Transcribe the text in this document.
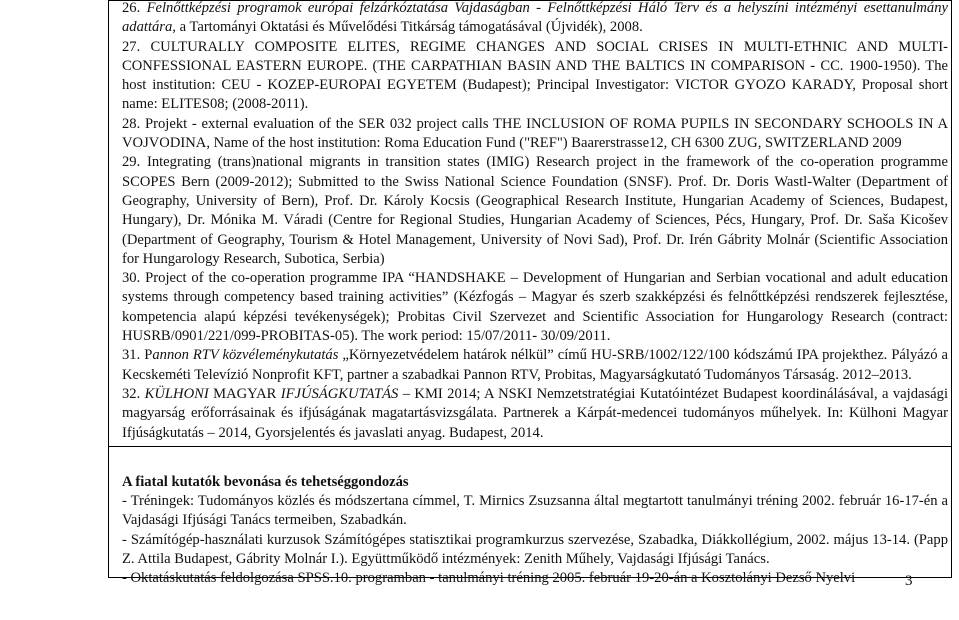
26. Felnőttképzési programok európai felzárkóztatása Vajdaságban - Felnőttképzési Háló Terv és a helyszíni intézményi esettanulmány adattára, a Tartományi Oktatási és Művelődési Titkárság támogatásával (Újvidék), 2008.

27. CULTURALLY COMPOSITE ELITES, REGIME CHANGES AND SOCIAL CRISES IN MULTI-ETHNIC AND MULTI-CONFESSIONAL EASTERN EUROPE. (THE CARPATHIAN BASIN AND THE BALTICS IN COMPARISON - CC. 1900-1950). The host institution: CEU - KOZEP-EUROPAI EGYETEM (Budapest); Principal Investigator: VICTOR GYOZO KARADY, Proposal short name: ELITES08; (2008-2011).

28. Projekt - external evaluation of the SER 032 project calls THE INCLUSION OF ROMA PUPILS IN SECONDARY SCHOOLS IN A VOJVODINA, Name of the host institution: Roma Education Fund ("REF") Baarerstrasse12, CH 6300 ZUG, SWITZERLAND 2009

29. Integrating (trans)national migrants in transition states (IMIG) Research project in the framework of the co-operation programme SCOPES Bern (2009-2012); Submitted to the Swiss National Science Foundation (SNSF). Prof. Dr. Doris Wastl-Walter (Department of Geography, University of Bern), Prof. Dr. Károly Kocsis (Geographical Research Institute, Hungarian Academy of Sciences, Budapest, Hungary), Dr. Mónika M. Váradi (Centre for Regional Studies, Hungarian Academy of Sciences, Pécs, Hungary, Prof. Dr. Saša Kicošev (Department of Geography, Tourism & Hotel Management, University of Novi Sad), Prof. Dr. Irén Gábrity Molnár (Scientific Association for Hungarology Research, Subotica, Serbia)

30. Project of the co-operation programme IPA “HANDSHAKE – Development of Hungarian and Serbian vocational and adult education systems through competency based training activities” (Kézfogás – Magyar és szerb szakképzési és felnőttképzési rendszerek fejlesztése, kompetencia alapú képzési tevékenységek); Probitas Civil Szervezet and Scientific Association for Hungarology Research (contract: HUSRB/0901/221/099-PROBITAS-05). The work period: 15/07/2011- 30/09/2011.

31. Pannon RTV közvéleménykutatás „Környezetvédelem határok nélkül” című HU-SRB/1002/122/100 kódszámú IPA projekthez. Pályázó a Kecskeméti Televízió Nonprofit KFT, partner a szabadkai Pannon RTV, Probitas, Magyarságkutató Tudományos Társaság. 2012–2013.

32. KÜLHONI MAGYAR IFJÚSÁGKUTATÁS – KMI 2014; A NSKI Nemzetstratégiai Kutatóintézet Budapest koordinálásával, a vajdasági magyarság erőforrásainak és ifjúságának magatartásvizsgálata. Partnerek a Kárpát-medencei tudományos műhelyek. In: Külhoni Magyar Ifjúságkutatás – 2014, Gyorsjelentés és javaslati anyag. Budapest, 2014.

A fiatal kutatók bevonása és tehetséggondozás

- Tréningek: Tudományos közlés és módszertana címmel, T. Mirnics Zsuzsanna által megtartott tanulmányi tréning 2002. február 16-17-én a Vajdasági Ifjúsági Tanács termeiben, Szabadkán.

- Számítógép-használati kurzusok Számítógépes statisztikai programkurzus szervezése, Szabadka, Diákkollégium, 2002. május 13-14. (Papp Z. Attila Budapest, Gábrity Molnár I.). Együttműködő intézmények: Zenith Műhely, Vajdasági Ifjúsági Tanács.

- Oktatáskutatás feldolgozása SPSS.10. programban - tanulmányi tréning 2005. február 19-20-án a Kosztolányi Dezső Nyelvi	3
